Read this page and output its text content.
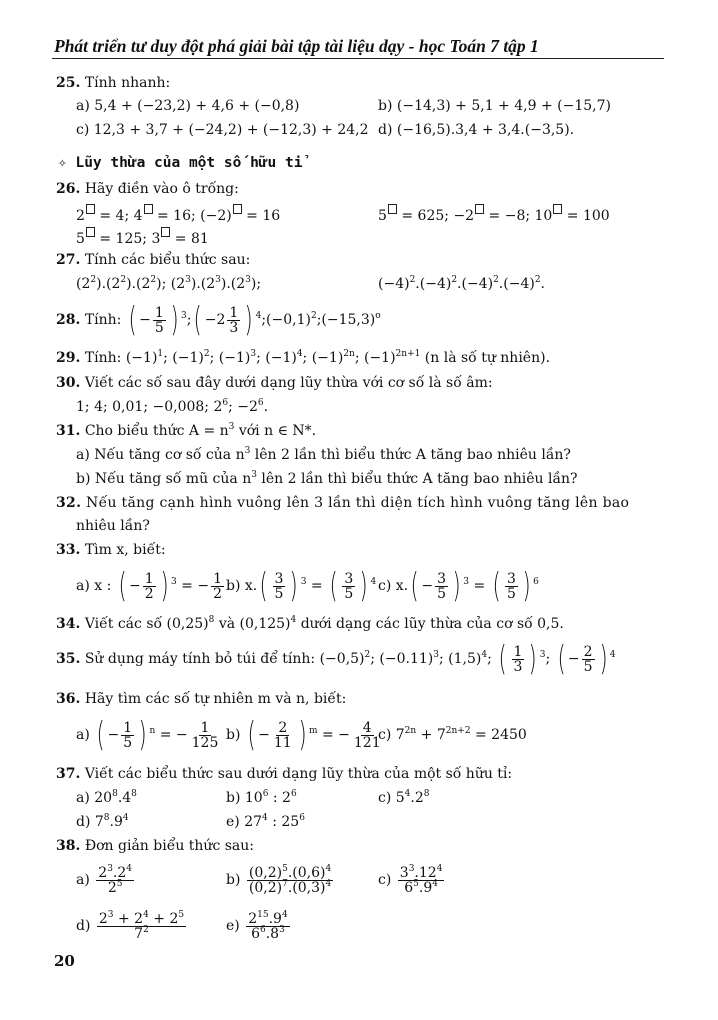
Phát triển tư duy đột phá giải bài tập tài liệu dạy - học Toán 7 tập 1
25. Tính nhanh:
a) 5,4 + (−23,2) + 4,6 + (−0,8)	b) (−14,3) + 5,1 + 4,9 + (−15,7)
c) 12,3 + 3,7 + (−24,2) + (−12,3) + 24,2 d) (−16,5).3,4 + 3,4.(−3,5).
✧ Lũy thừa của một số hữu tỉ
26. Hãy điền vào ô trống:
2 = 4; 4 = 16; (−2) = 16	5 = 625; −2 = −8; 10 = 100
5 = 125; 3 = 81
27. Tính các biểu thức sau:
$(2^2).(2^2).(2^2)$; $(2^3).(2^3).(2^3)$;	$(-4)^2.(-4)^2.(-4)^2.(-4)^2$.
28. Tính: ( − $\frac{1}{5}$ ) $^3$; ( $-2 \frac{1}{3}$ ) $^4;(-0,1)^2;(-15,3)^o$
29. Tính: $(-1)^1$; $(-1)^2$; $(-1)^3$; $(-1)^4$; $(-1)^{2n}$; $(-1)^{2n+1}$ (n là số tự nhiên).
30. Viết các số sau đây dưới dạng lũy thừa với cơ số là số âm:
1; 4; 0,01; −0,008; $2^6$; $-2^6$.
31. Cho biểu thức $A = n^3$ với n ∈ N*.
a) Nếu tăng cơ số của $n^3$ lên 2 lần thì biểu thức A tăng bao nhiêu lần?
b) Nếu tăng số mũ của $n^3$ lên 2 lần thì biểu thức A tăng bao nhiêu lần?
32. Nếu tăng cạnh hình vuông lên 3 lần thì diện tích hình vuông tăng lên bao
nhiêu lần?
33. Tìm x, biết:
a) x : ( − $\frac{1}{2}$ ) $^3$ = − $\frac{1}{2} b$) x. ( $\frac{3}{5}$ ) $^3$ = ( $\frac{3}{5}$ ) $^4$ c) x. ( − $\frac{3}{5}$ ) $^3$ = ( $\frac{3}{5}$ ) $^6$
34. Viết các số $(0,25)^8$ và $(0,125)^4$ dưới dạng các lũy thừa của cơ số 0,5.
35. Sử dụng máy tính bỏ túi để tính: $(-0,5)^2$; $(-0.11)^3$; $(1,5)^4$; ( $\frac{1}{3}$ ) $^3$; ( − $\frac{2}{5}$ ) $^4$
36. Hãy tìm các số tự nhiên m và n, biết:
a) ( − $\frac{1}{5}$ ) $^n$ = − $\frac{1}{125} b$) ( − $\frac{2}{11}$ ) $^m$ = − $\frac{4}{121}$
c) $7^{2n} + 7^{2n+2} = 2450$
37. Viết các biểu thức sau dưới dạng lũy thừa của một số hữu tỉ:
a) $20^8.4^8$	b) $10^6$ : $2^6$	c) $5^4.2^8$
d) $7^8.9^4$	e) $27^4$ : $25^6$
38. Đơn giản biểu thức sau:
$a) \frac{2^3.2^4}{2^5}$	$b) \frac{(0,2)^5.(0,6)^4}{(0,2)^7.(0,3)^4}$	$c) \frac{3^3.12^4}{6^5.9^4}$
$d) \frac{2^3 + 2^4 + 2^5}{7^2}$	$e) \frac{2^{15}.9^4}{6^6.8^3}$
20
